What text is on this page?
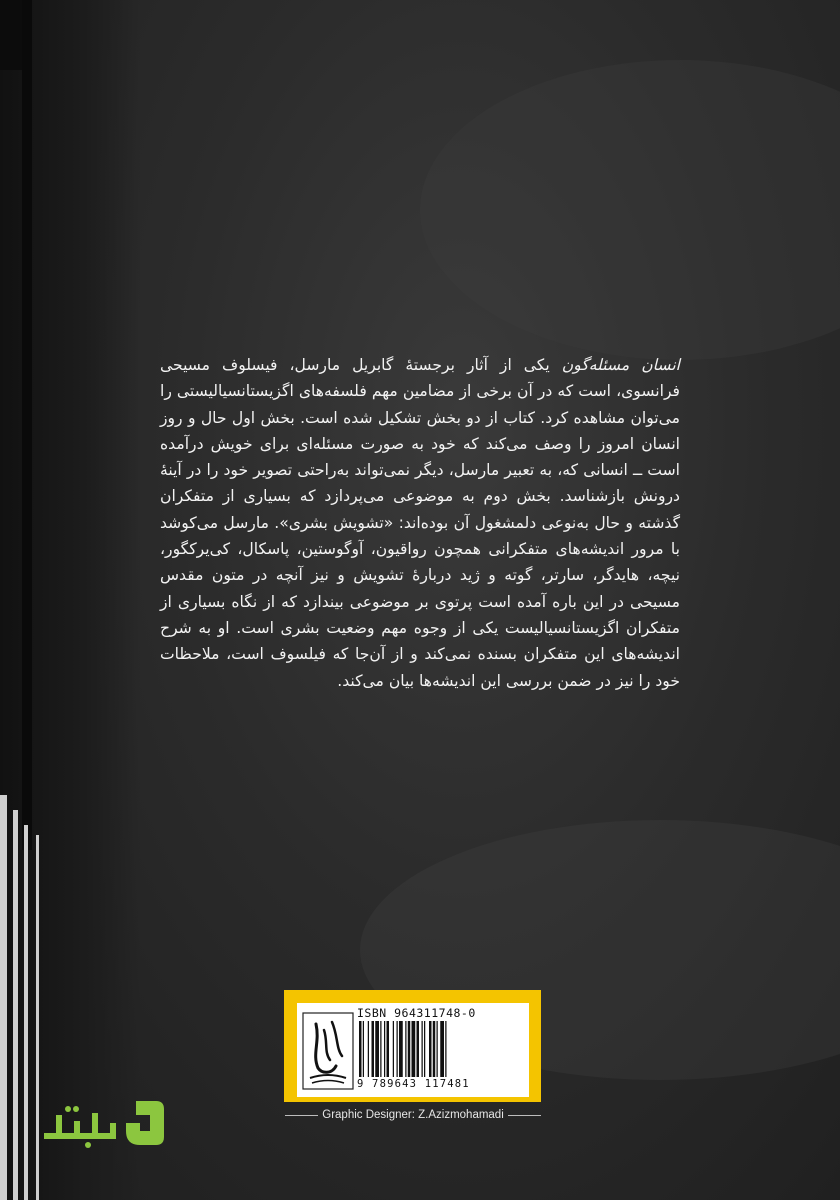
انسان مسئله‌گون یکی از آثار برجستهٔ گابریل مارسل، فیسلوف مسیحی فرانسوی، است که در آن برخی از مضامین مهم فلسفه‌های اگزیستانسیالیستی را می‌توان مشاهده کرد. کتاب از دو بخش تشکیل شده است. بخش اول حال و روز انسان امروز را وصف می‌کند که خود به صورت مسئله‌ای برای خویش درآمده است ــ انسانی که، به تعبیر مارسل، دیگر نمی‌تواند به‌راحتی تصویر خود را در آینهٔ درونش بازشناسد. بخش دوم به موضوعی می‌پردازد که بسیاری از متفکران گذشته و حال به‌نوعی دلمشغول آن بوده‌اند: «تشویش بشری». مارسل می‌کوشد با مرور اندیشه‌های متفکرانی همچون رواقیون، آوگوستین، پاسکال، کی‌یرکگور، نیچه، هایدگر، سارتر، گوته و ژید دربارهٔ تشویش و نیز آنچه در متون مقدس مسیحی در این باره آمده است پرتوی بر موضوعی بیندازد که از نگاه بسیاری از متفکران اگزیستانسیالیست یکی از وجوه مهم وضعیت بشری است. او به شرح اندیشه‌های این متفکران بسنده نمی‌کند و از آن‌جا که فیلسوف است، ملاحظات خود را نیز در ضمن بررسی این اندیشه‌ها بیان می‌کند.
ISBN 964311748-0
9 789643 117481
Graphic Designer: Z.Azizmohamadi
